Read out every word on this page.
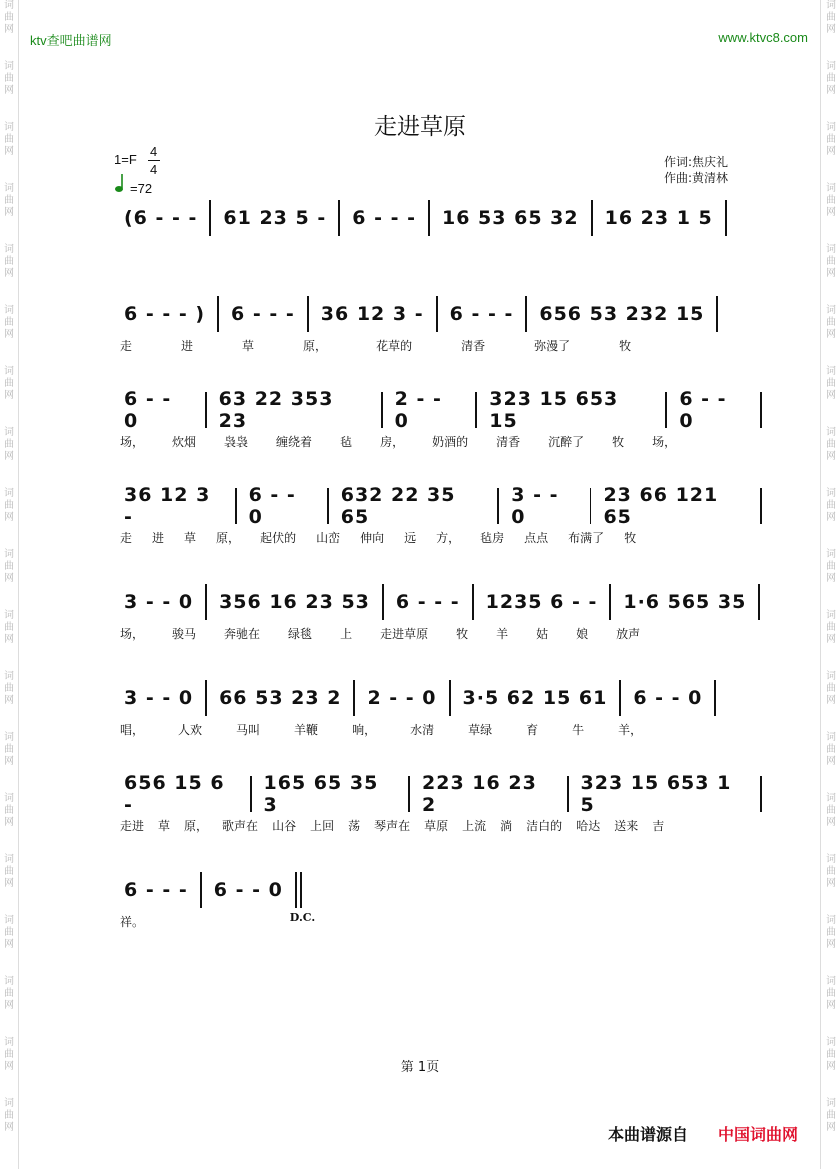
词
曲
网
词
曲
网
词
曲
网
词
曲
网
词
曲
网
词
曲
网
词
曲
网
词
曲
网
词
曲
网
词
曲
网
词
曲
网
词
曲
网
词
曲
网
词
曲
网
词
曲
网
词
曲
网
词
曲
网
词
曲
网
词
曲
网
词
曲
网
词
曲
网
词
曲
网
词
曲
网
词
曲
网
词
曲
网
词
曲
网
词
曲
网
词
曲
网
词
曲
网
词
曲
网
词
曲
网
词
曲
网
词
曲
网
词
曲
网
词
曲
网
词
曲
网
词
曲
网
词
曲
网
ktv查吧曲谱网	www.ktvc8.com
走进草原
1=F
4
4
=72
作词:焦庆礼
作曲:黄清林
(6 - - - 61 23 5 - 6 - - - 16 53 65 32 16 23 1 5
6 - - - ) 6 - - - 36 12 3 - 6 - - - 656 53 232 15
走	进	草	原，	花草的	清香	弥漫了	牧
6 - - 0
63 22 353 23
2 - - 0
323 15 653 15
6 - - 0
场， 炊烟 袅袅 缠绕着 毡 房， 奶酒的 清香 沉醉了 牧 场，
36 12 3 -
6 - - 0
632 22 35 65
3 - - 0
23 66 121 65
走 进 草 原， 起伏的 山峦 伸向 远 方， 毡房 点点 布满了 牧
3 - - 0 356 16 23 53 6 - - - 1235 6 - - 1·6 565 35
场， 骏马 奔驰在 绿毯 上 走进草原 牧 羊 姑 娘 放声
3 - - 0 66 53 23 2 2 - - 0 3·5 62 15 61 6 - - 0
唱，	人欢	马叫	羊鞭	响，	水清	草绿	育	牛	羊，
656 15 6 -
165 65 35 3
223 16 23 2
323 15 653 1 5
走进 草 原， 歌声在 山谷 上回 荡 琴声在 草原 上流 淌 洁白的 哈达 送来 吉
6 - - - 6 - - 0
D.C.
祥。
第 1页
本曲谱源自 中国词曲网
